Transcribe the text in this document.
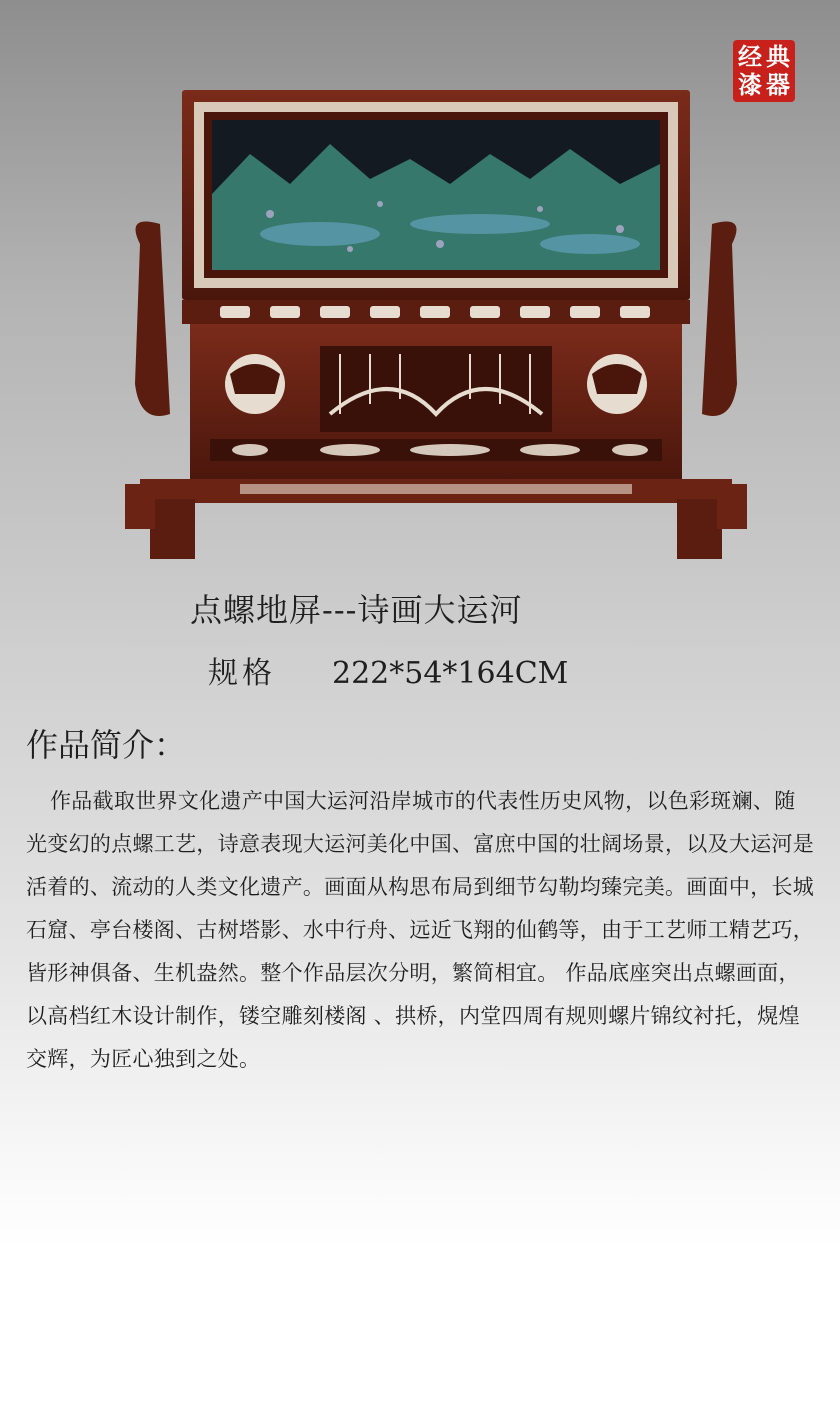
典
器
经
漆
点螺地屏---诗画大运河
规格 222*54*164CM
作品简介：
作品截取世界文化遗产中国大运河沿岸城市的代表性历史风物，以色彩斑斓、随光变幻的点螺工艺，诗意表现大运河美化中国、富庶中国的壮阔场景，以及大运河是活着的、流动的人类文化遗产。画面从构思布局到细节勾勒均臻完美。画面中，长城石窟、亭台楼阁、古树塔影、水中行舟、远近飞翔的仙鹤等，由于工艺师工精艺巧，皆形神俱备、生机盎然。整个作品层次分明，繁简相宜。 作品底座突出点螺画面，以高档红木设计制作，镂空雕刻楼阁 、拱桥，内堂四周有规则螺片锦纹衬托，熀煌交辉，为匠心独到之处。
